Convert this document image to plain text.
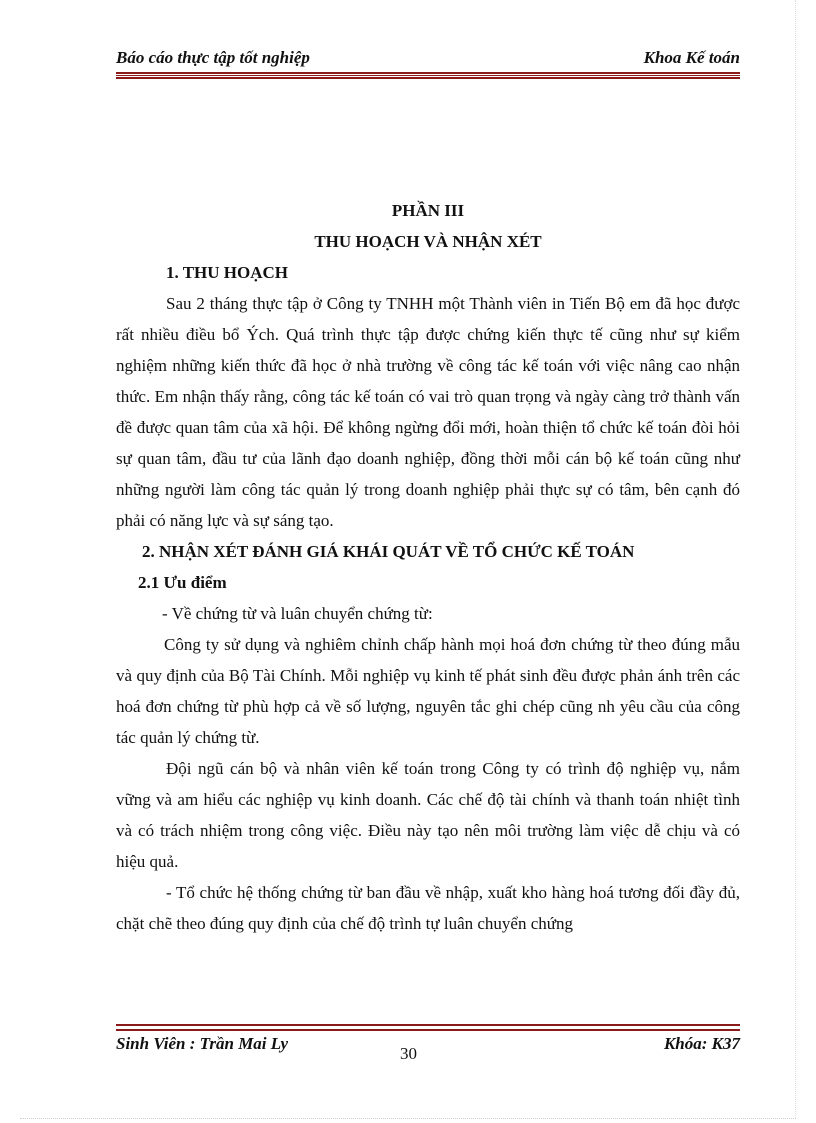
Báo cáo thực tập tốt nghiệp	Khoa Kế toán

PHẦN III

THU HOẠCH VÀ NHẬN XÉT

1. THU HOẠCH

Sau 2 tháng thực tập ở Công ty TNHH một Thành viên in Tiến Bộ em đã học được rất nhiều điều bổ Ých. Quá trình thực tập được chứng kiến thực tế cũng như sự kiểm nghiệm những kiến thức đã học ở nhà trường về công tác kế toán với việc nâng cao nhận thức. Em nhận thấy rằng, công tác kế toán có vai trò quan trọng và ngày càng trở thành vấn đề được quan tâm của xã hội. Để không ngừng đổi mới, hoàn thiện tổ chức kế toán đòi hỏi sự quan tâm, đầu tư của lãnh đạo doanh nghiệp, đồng thời mỗi cán bộ kế toán cũng như những người làm công tác quản lý trong doanh nghiệp phải thực sự có tâm, bên cạnh đó phải có năng lực và sự sáng tạo.

2. NHẬN XÉT ĐÁNH GIÁ KHÁI QUÁT VỀ TỔ CHỨC KẾ TOÁN

2.1 Ưu điểm

- Về chứng từ và luân chuyển chứng từ:

Công ty sử dụng và nghiêm chỉnh chấp hành mọi hoá đơn chứng từ theo đúng mẫu và quy định của Bộ Tài Chính. Mỗi nghiệp vụ kinh tế phát sinh đều được phản ánh trên các hoá đơn chứng từ phù hợp cả về số lượng, nguyên tắc ghi chép cũng nh yêu cầu của công tác quản lý chứng từ.

Đội ngũ cán bộ và nhân viên kế toán trong Công ty có trình độ nghiệp vụ, nắm vững và am hiểu các nghiệp vụ kinh doanh. Các chế độ tài chính và thanh toán nhiệt tình và có trách nhiệm trong công việc. Điều này tạo nên môi trường làm việc dễ chịu và có hiệu quả.

- Tổ chức hệ thống chứng từ ban đầu về nhập, xuất kho hàng hoá tương đối đầy đủ, chặt chẽ theo đúng quy định của chế độ trình tự luân chuyển chứng

Sinh Viên : Trần Mai Ly	Khóa: K37
30
